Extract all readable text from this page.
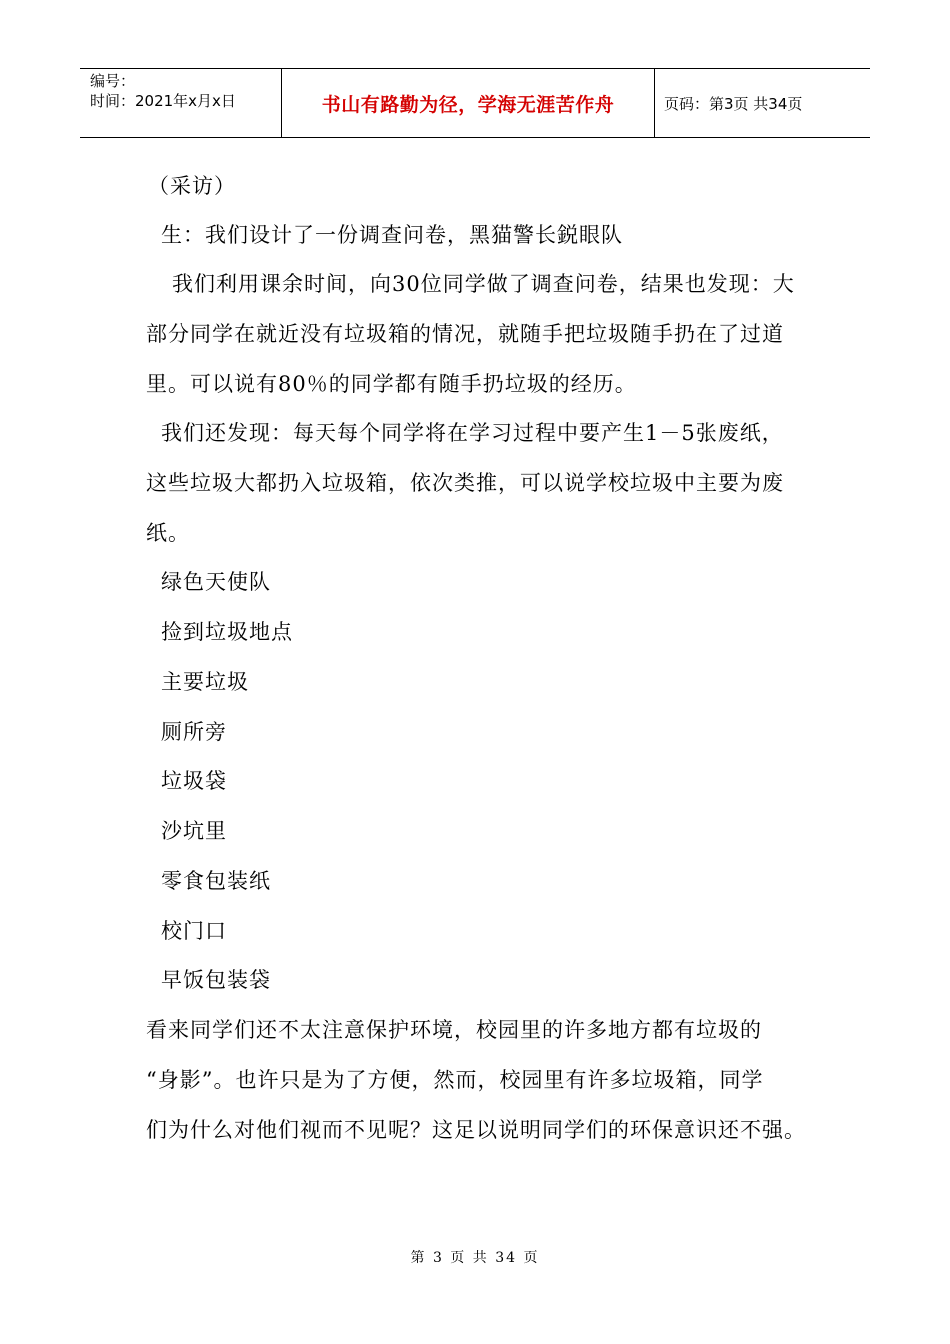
编号：
时间：2021年x月x日	书山有路勤为径，学海无涯苦作舟	页码：第3页 共34页
（采访）
生：我们设计了一份调查问卷，黑猫警长鋭眼队
我们利用课余时间，向30位同学做了调查问卷，结果也发现：大
部分同学在就近没有垃圾箱的情况，就随手把垃圾随手扔在了过道
里。可以说有80％的同学都有随手扔垃圾的经历。
我们还发现：每天每个同学将在学习过程中要产生1－5张废纸，
这些垃圾大都扔入垃圾箱，依次类推，可以说学校垃圾中主要为废
纸。
绿色天使队
捡到垃圾地点
主要垃圾
厕所旁
垃圾袋
沙坑里
零食包装纸
校门口
早饭包装袋
看来同学们还不太注意保护环境，校园里的许多地方都有垃圾的
“身影”。也许只是为了方便，然而，校园里有许多垃圾箱，同学
们为什么对他们视而不见呢？这足以说明同学们的环保意识还不强。
第 3 页 共 34 页
